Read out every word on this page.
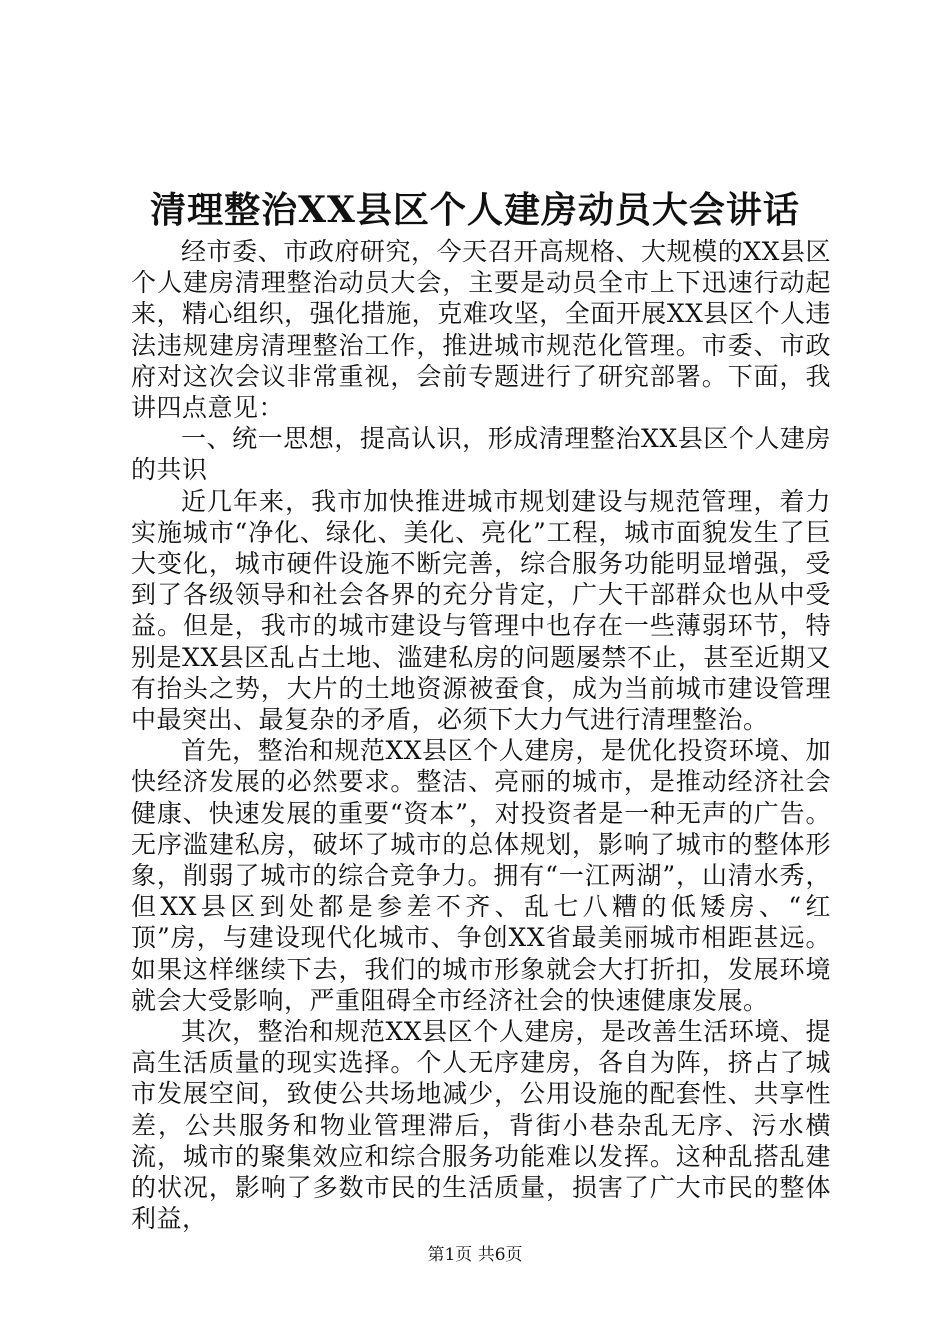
清理整治XX县区个人建房动员大会讲话

经市委、市政府研究，今天召开高规格、大规模的XX县区个人建房清理整治动员大会，主要是动员全市上下迅速行动起来，精心组织，强化措施，克难攻坚，全面开展XX县区个人违法违规建房清理整治工作，推进城市规范化管理。市委、市政府对这次会议非常重视，会前专题进行了研究部署。下面，我讲四点意见：

一、统一思想，提高认识，形成清理整治XX县区个人建房的共识

近几年来，我市加快推进城市规划建设与规范管理，着力实施城市“净化、绿化、美化、亮化”工程，城市面貌发生了巨大变化，城市硬件设施不断完善，综合服务功能明显增强，受到了各级领导和社会各界的充分肯定，广大干部群众也从中受益。但是，我市的城市建设与管理中也存在一些薄弱环节，特别是XX县区乱占土地、滥建私房的问题屡禁不止，甚至近期又有抬头之势，大片的土地资源被蚕食，成为当前城市建设管理中最突出、最复杂的矛盾，必须下大力气进行清理整治。

首先，整治和规范XX县区个人建房，是优化投资环境、加快经济发展的必然要求。整洁、亮丽的城市，是推动经济社会健康、快速发展的重要“资本”，对投资者是一种无声的广告。无序滥建私房，破坏了城市的总体规划，影响了城市的整体形象，削弱了城市的综合竞争力。拥有“一江两湖”，山清水秀，但XX县区到处都是参差不齐、乱七八糟的低矮房、“红顶”房，与建设现代化城市、争创XX省最美丽城市相距甚远。如果这样继续下去，我们的城市形象就会大打折扣，发展环境就会大受影响，严重阻碍全市经济社会的快速健康发展。

其次，整治和规范XX县区个人建房，是改善生活环境、提高生活质量的现实选择。个人无序建房，各自为阵，挤占了城市发展空间，致使公共场地减少，公用设施的配套性、共享性差，公共服务和物业管理滞后，背街小巷杂乱无序、污水横流，城市的聚集效应和综合服务功能难以发挥。这种乱搭乱建的状况，影响了多数市民的生活质量，损害了广大市民的整体利益，

第1页 共6页
